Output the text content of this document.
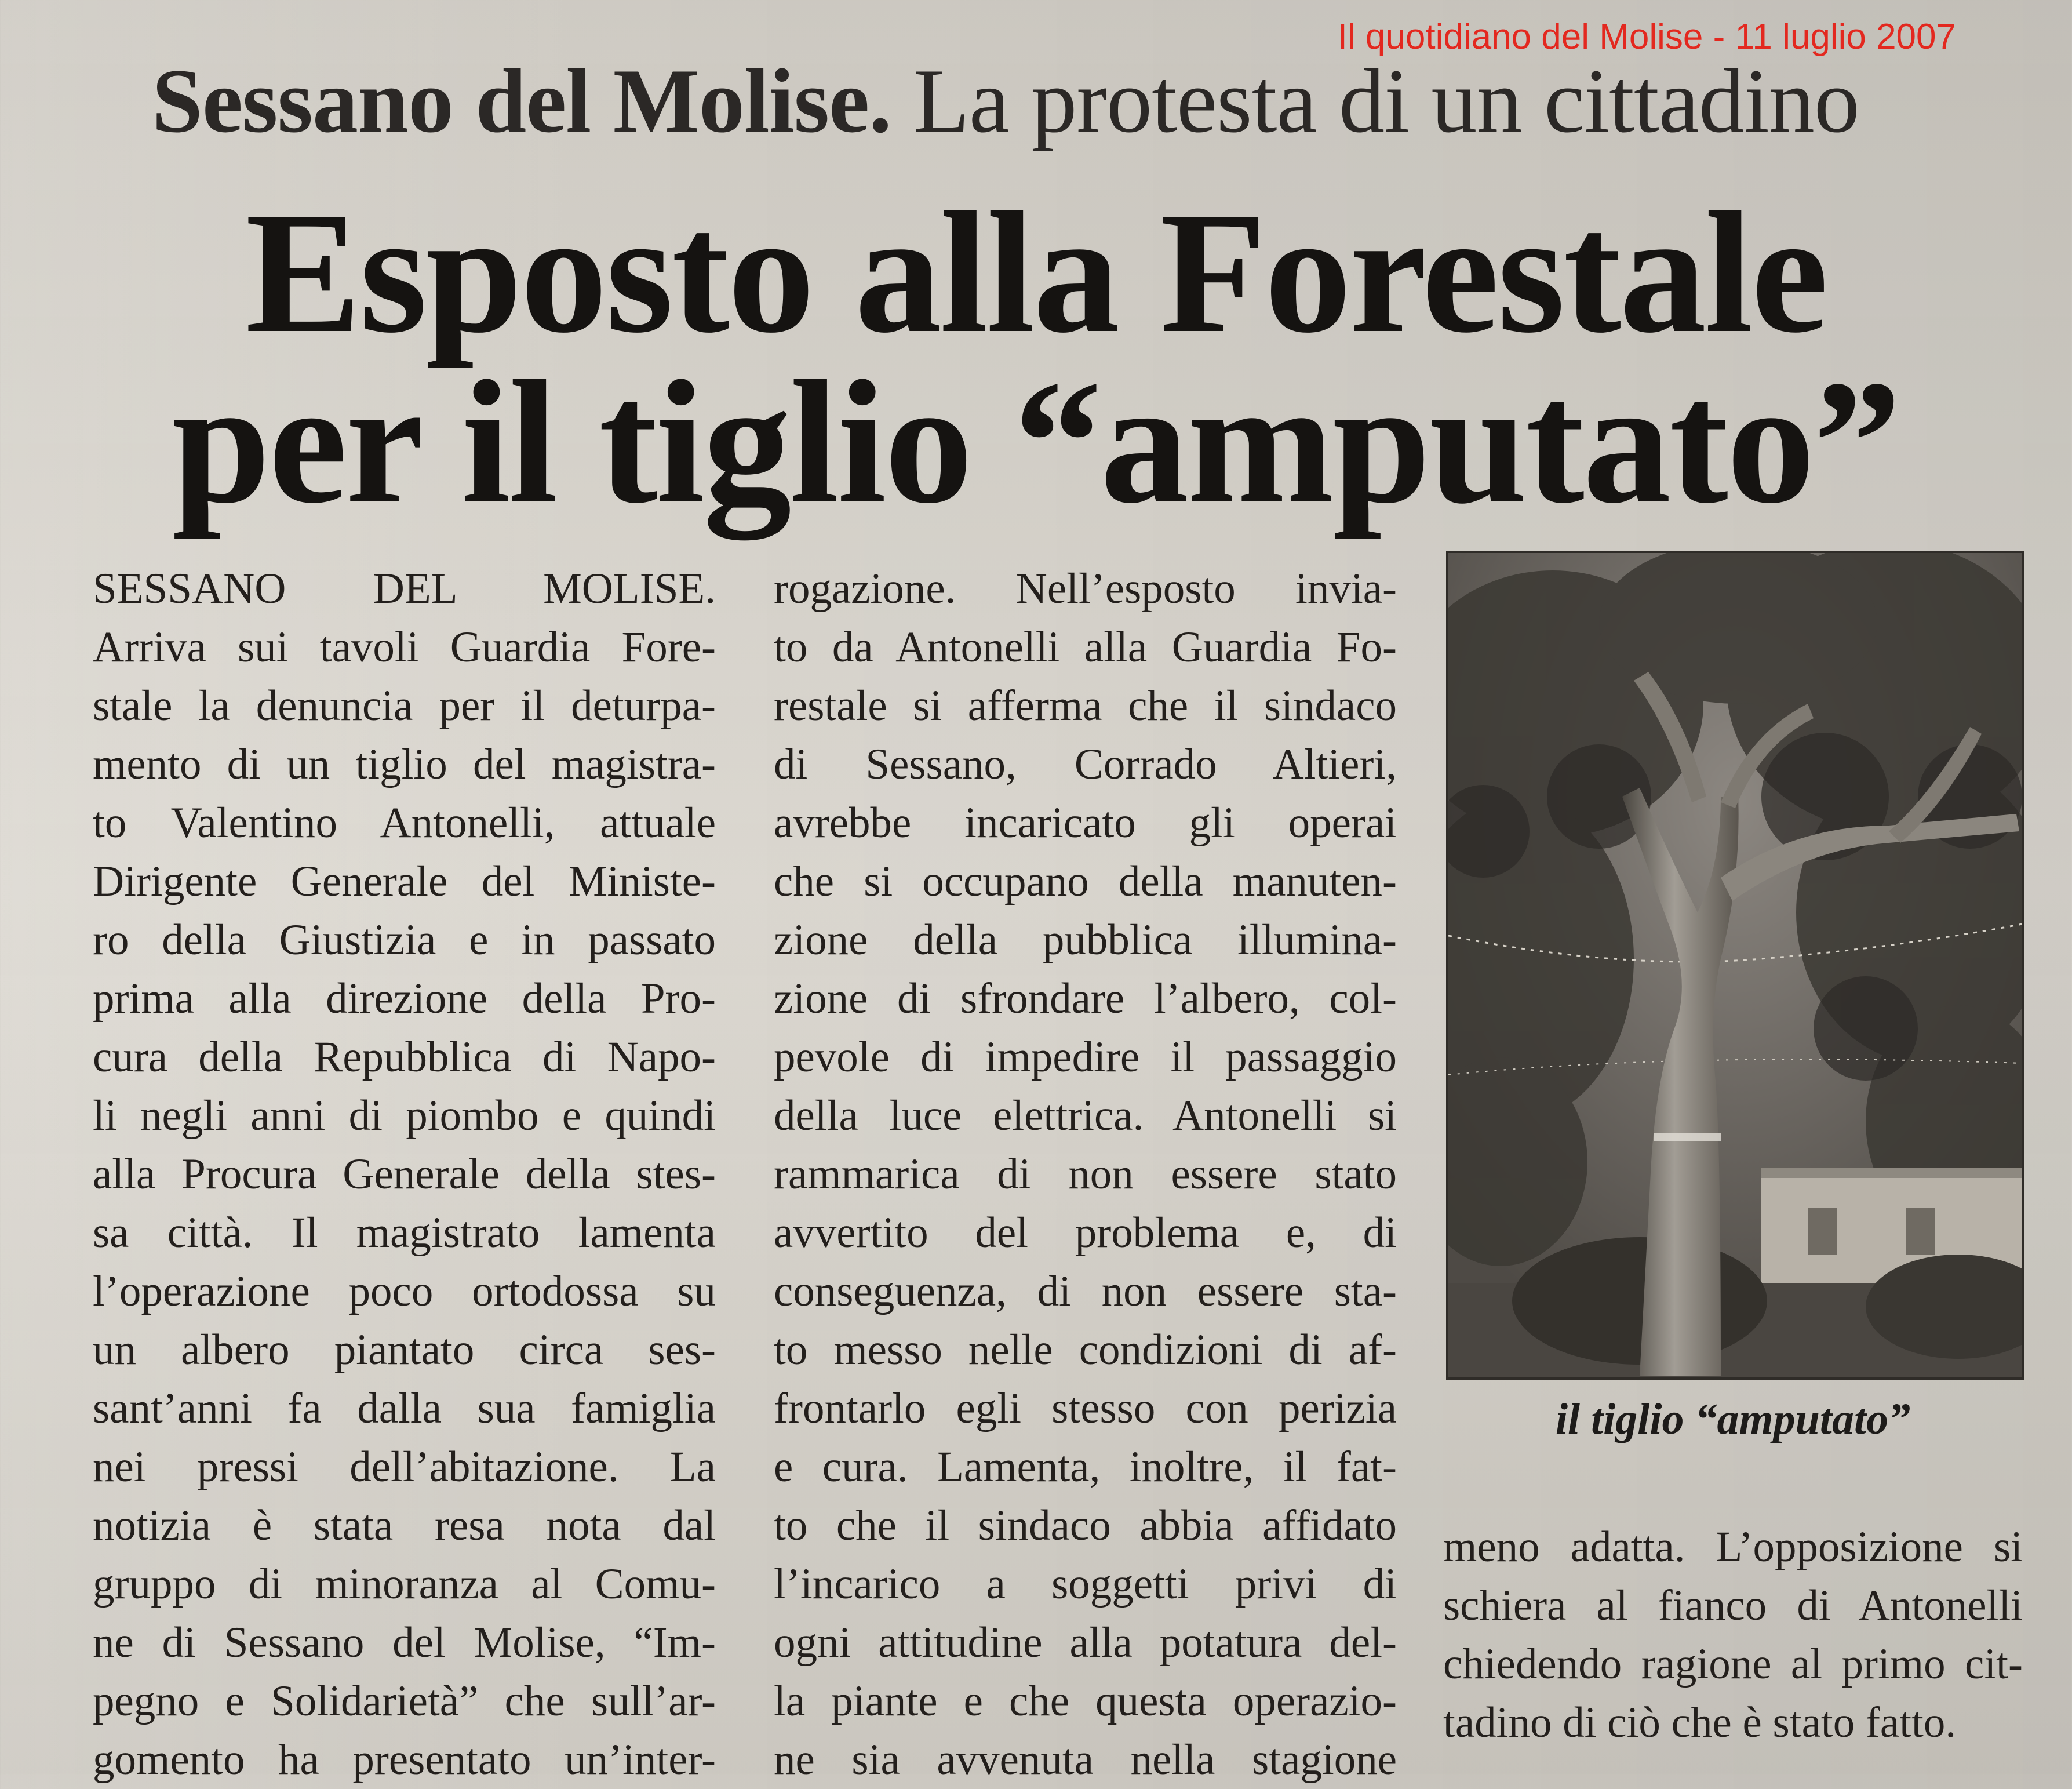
Il quotidiano del Molise - 11 luglio 2007
Sessano del Molise. La protesta di un cittadino
Esposto alla Forestale
per il tiglio “amputato”
SESSANO DEL MOLISE.
Arriva sui tavoli Guardia Fore-
stale la denuncia per il deturpa-
mento di un tiglio del magistra-
to Valentino Antonelli, attuale
Dirigente Generale del Ministe-
ro della Giustizia e in passato
prima alla direzione della Pro-
cura della Repubblica di Napo-
li negli anni di piombo e quindi
alla Procura Generale della stes-
sa città. Il magistrato lamenta
l’operazione poco ortodossa su
un albero piantato circa ses-
sant’anni fa dalla sua famiglia
nei pressi dell’abitazione. La
notizia è stata resa nota dal
gruppo di minoranza al Comu-
ne di Sessano del Molise, “Im-
pegno e Solidarietà” che sull’ar-
gomento ha presentato un’inter-
rogazione. Nell’esposto invia-
to da Antonelli alla Guardia Fo-
restale si afferma che il sindaco
di Sessano, Corrado Altieri,
avrebbe incaricato gli operai
che si occupano della manuten-
zione della pubblica illumina-
zione di sfrondare l’albero, col-
pevole di impedire il passaggio
della luce elettrica. Antonelli si
rammarica di non essere stato
avvertito del problema e, di
conseguenza, di non essere sta-
to messo nelle condizioni di af-
frontarlo egli stesso con perizia
e cura. Lamenta, inoltre, il fat-
to che il sindaco abbia affidato
l’incarico a soggetti privi di
ogni attitudine alla potatura del-
la piante e che questa operazio-
ne sia avvenuta nella stagione
il tiglio “amputato”
meno adatta. L’opposizione si
schiera al fianco di Antonelli
chiedendo ragione al primo cit-
tadino di ciò che è stato fatto.
